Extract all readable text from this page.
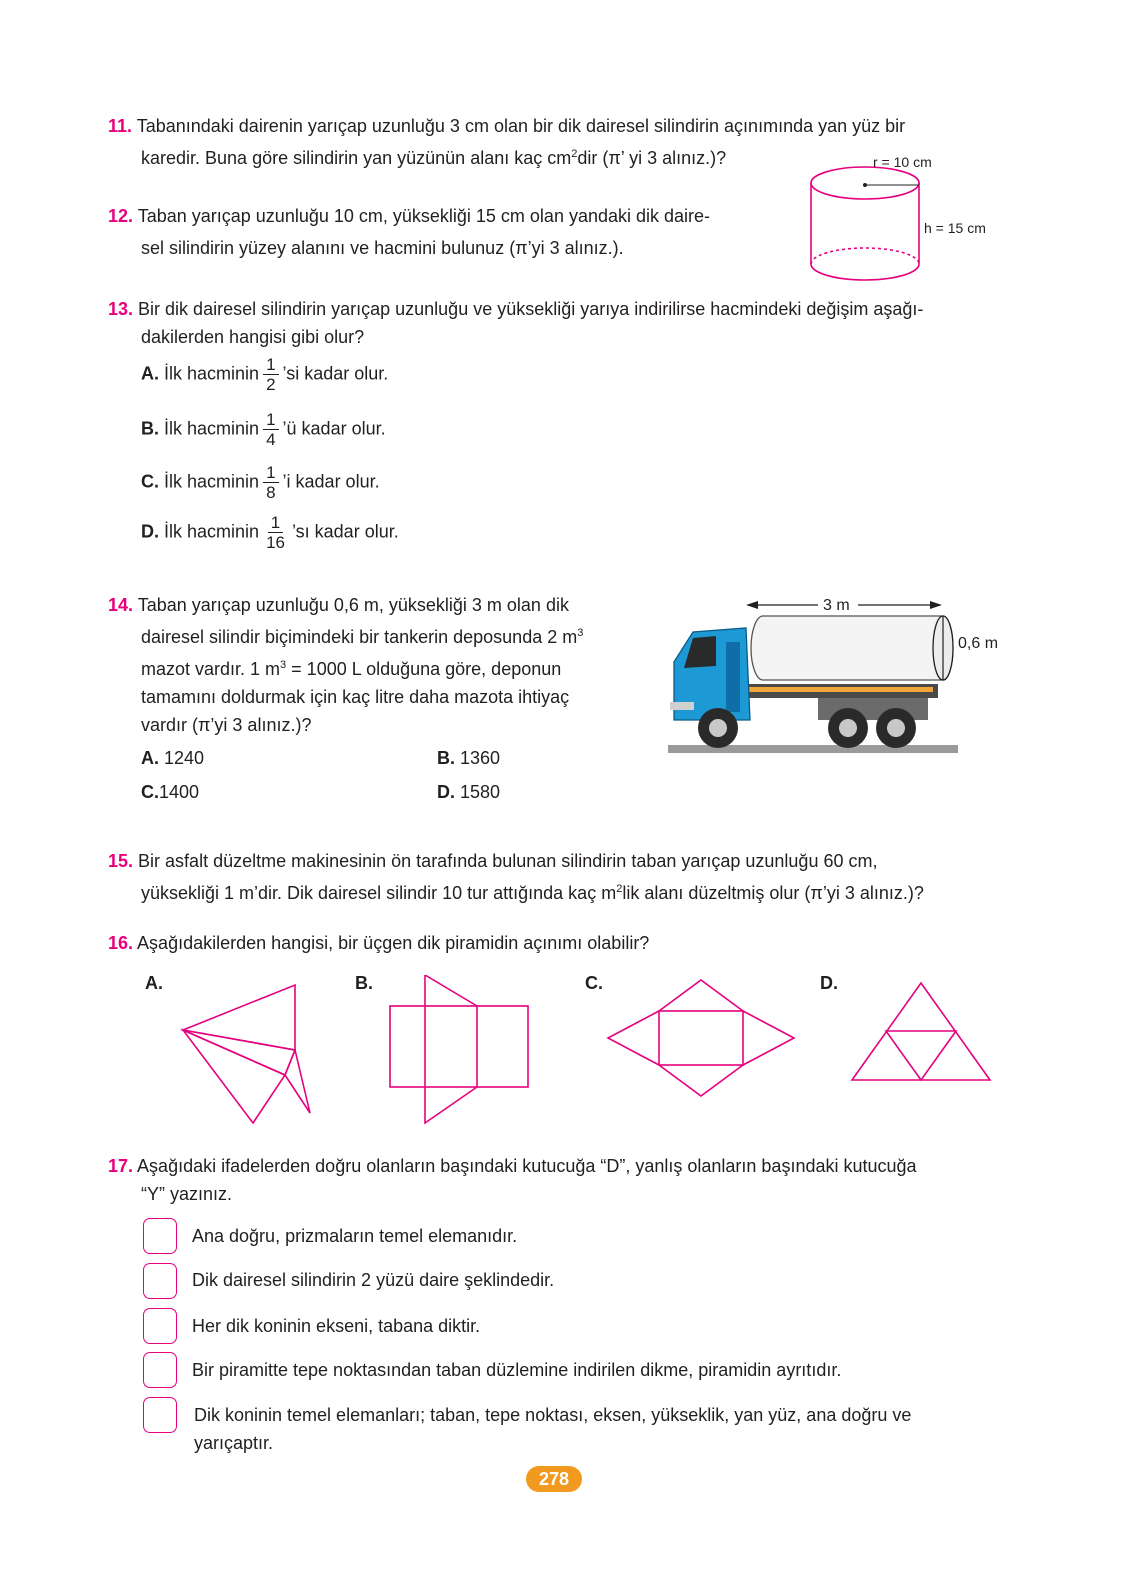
11. Tabanındaki dairenin yarıçap uzunluğu 3 cm olan bir dik dairesel silindirin açınımında yan yüz bir
karedir. Buna göre silindirin yan yüzünün alanı kaç $cm^2dir$ (π’ yi 3 alınız.)?
12. Taban yarıçap uzunluğu 10 cm, yüksekliği 15 cm olan yandaki dik daire-
sel silindirin yüzey alanını ve hacmini bulunuz (π’yi 3 alınız.).
r = 10 cm
h = 15 cm
13. Bir dik dairesel silindirin yarıçap uzunluğu ve yüksekliği yarıya indirilirse hacmindeki değişim aşağı-
dakilerden hangisi gibi olur?
A. İlk hacminin $\frac{1}{2}$ ’si kadar olur.
B. İlk hacminin $\frac{1}{4}$ ’ü kadar olur.
C. İlk hacminin $\frac{1}{8}$ ’i kadar olur.
D. İlk hacminin $\frac{1}{16}$ ’sı kadar olur.
14. Taban yarıçap uzunluğu 0,6 m, yüksekliği 3 m olan dik
dairesel silindir biçimindeki bir tankerin deposunda 2 $m^3$
mazot vardır. 1 $m^3 = 1000$ L olduğuna göre, deponun
tamamını doldurmak için kaç litre daha mazota ihtiyaç
vardır (π’yi 3 alınız.)?
A. 1240	B. 1360
C.1400	D. 1580
3 m
0,6 m
15. Bir asfalt düzeltme makinesinin ön tarafında bulunan silindirin taban yarıçap uzunluğu 60 cm,
yüksekliği 1 m’dir. Dik dairesel silindir 10 tur attığında kaç $m^2lik$ alanı düzeltmiş olur (π’yi 3 alınız.)?
16. Aşağıdakilerden hangisi, bir üçgen dik piramidin açınımı olabilir?
A.	B.	C.	D.
17. Aşağıdaki ifadelerden doğru olanların başındaki kutucuğa “D”, yanlış olanların başındaki kutucuğa
“Y” yazınız.
Ana doğru, prizmaların temel elemanıdır.
Dik dairesel silindirin 2 yüzü daire şeklindedir.
Her dik koninin ekseni, tabana diktir.
Bir piramitte tepe noktasından taban düzlemine indirilen dikme, piramidin ayrıtıdır.
Dik koninin temel elemanları; taban, tepe noktası, eksen, yükseklik, yan yüz, ana doğru ve
yarıçaptır.
278
